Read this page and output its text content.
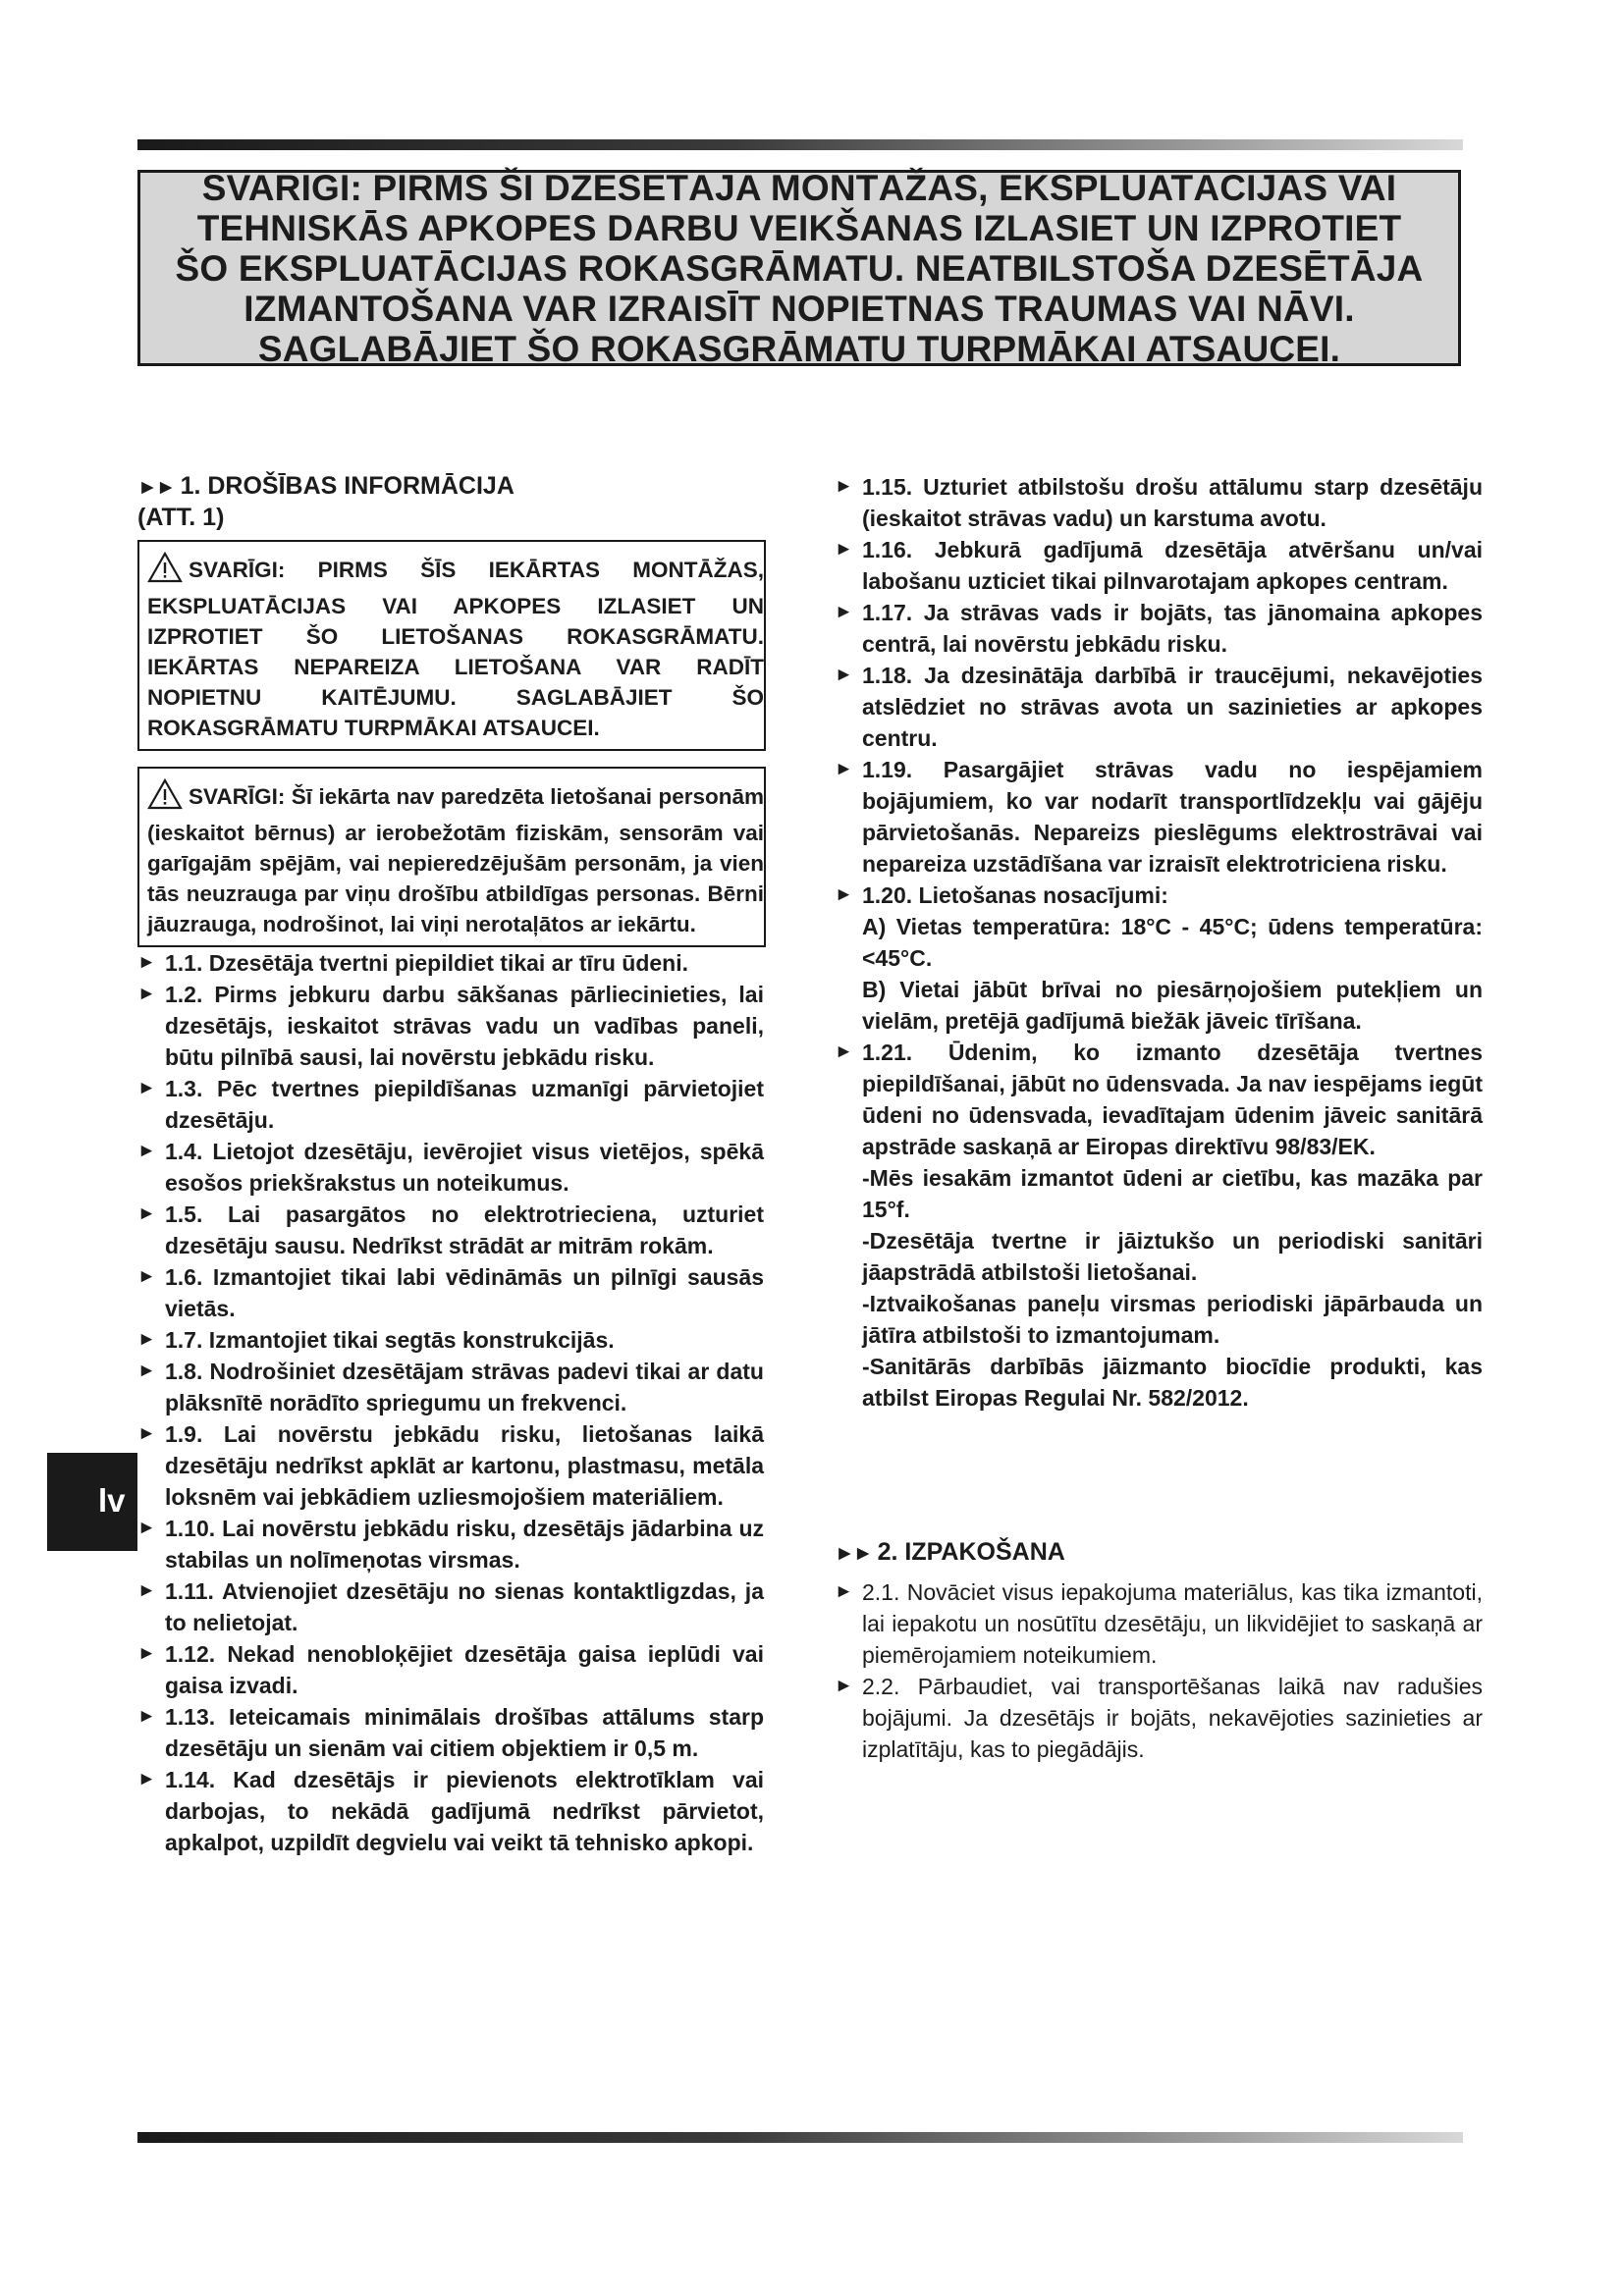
SVARĪGI: PIRMS ŠĪ DZESĒTĀJA MONTĀŽAS, EKSPLUATĀCIJAS VAI TEHNISKĀS APKOPES DARBU VEIKŠANAS IZLASIET UN IZPROTIET ŠO EKSPLUATĀCIJAS ROKASGRĀMATU. NEATBILSTOŠA DZESĒTĀJA IZMANTOŠANA VAR IZRAISĪT NOPIETNAS TRAUMAS VAI NĀVI. SAGLABĀJIET ŠO ROKASGRĀMATU TURPMĀKAI ATSAUCEI.
lv
►► 1. DROŠĪBAS INFORMĀCIJA
(ATT. 1)
SVARĪGI: PIRMS ŠĪS IEKĀRTAS MONTĀŽAS, EKSPLUATĀCIJAS VAI APKOPES IZLASIET UN IZPROTIET ŠO LIETOŠANAS ROKASGRĀMATU. IEKĀRTAS NEPAREIZA LIETOŠANA VAR RADĪT NOPIETNU KAITĒJUMU. SAGLABĀJIET ŠO ROKASGRĀMATU TURPMĀKAI ATSAUCEI.
SVARĪGI: Šī iekārta nav paredzēta lietošanai personām (ieskaitot bērnus) ar ierobežotām fiziskām, sensorām vai garīgajām spējām, vai nepieredzējušām personām, ja vien tās neuzrauga par viņu drošību atbildīgas personas. Bērni jāuzrauga, nodrošinot, lai viņi nerotaļātos ar iekārtu.
► 1.1. Dzesētāja tvertni piepildiet tikai ar tīru ūdeni.
► 1.2. Pirms jebkuru darbu sākšanas pārliecinieties, lai dzesētājs, ieskaitot strāvas vadu un vadības paneli, būtu pilnībā sausi, lai novērstu jebkādu risku.
► 1.3. Pēc tvertnes piepildīšanas uzmanīgi pārvietojiet dzesētāju.
► 1.4. Lietojot dzesētāju, ievērojiet visus vietējos, spēkā esošos priekšrakstus un noteikumus.
► 1.5. Lai pasargātos no elektrotrieciena, uzturiet dzesētāju sausu. Nedrīkst strādāt ar mitrām rokām.
► 1.6. Izmantojiet tikai labi vēdināmās un pilnīgi sausās vietās.
► 1.7. Izmantojiet tikai segtās konstrukcijās.
► 1.8. Nodrošiniet dzesētājam strāvas padevi tikai ar datu plāksnītē norādīto spriegumu un frekvenci.
► 1.9. Lai novērstu jebkādu risku, lietošanas laikā dzesētāju nedrīkst apklāt ar kartonu, plastmasu, metāla loksnēm vai jebkādiem uzliesmojošiem materiāliem.
► 1.10. Lai novērstu jebkādu risku, dzesētājs jādarbina uz stabilas un nolīmeņotas virsmas.
► 1.11. Atvienojiet dzesētāju no sienas kontaktligzdas, ja to nelietojat.
► 1.12. Nekad nenobloķējiet dzesētāja gaisa ieplūdi vai gaisa izvadi.
► 1.13. Ieteicamais minimālais drošības attālums starp dzesētāju un sienām vai citiem objektiem ir 0,5 m.
► 1.14. Kad dzesētājs ir pievienots elektrotīklam vai darbojas, to nekādā gadījumā nedrīkst pārvietot, apkalpot, uzpildīt degvielu vai veikt tā tehnisko apkopi.
► 1.15. Uzturiet atbilstošu drošu attālumu starp dzesētāju (ieskaitot strāvas vadu) un karstuma avotu.
► 1.16. Jebkurā gadījumā dzesētāja atvēršanu un/vai labošanu uzticiet tikai pilnvarotajam apkopes centram.
► 1.17. Ja strāvas vads ir bojāts, tas jānomaina apkopes centrā, lai novērstu jebkādu risku.
► 1.18. Ja dzesinātāja darbībā ir traucējumi, nekavējoties atslēdziet no strāvas avota un sazinieties ar apkopes centru.
► 1.19. Pasargājiet strāvas vadu no iespējamiem bojājumiem, ko var nodarīt transportlīdzekļu vai gājēju pārvietošanās. Nepareizs pieslēgums elektrostrāvai vai nepareiza uzstādīšana var izraisīt elektrotriciena risku.
► 1.20. Lietošanas nosacījumi:
A) Vietas temperatūra: 18°C - 45°C; ūdens temperatūra: <45°C.
B) Vietai jābūt brīvai no piesārņojošiem putekļiem un vielām, pretējā gadījumā biežāk jāveic tīrīšana.
► 1.21. Ūdenim, ko izmanto dzesētāja tvertnes piepildīšanai, jābūt no ūdensvada. Ja nav iespējams iegūt ūdeni no ūdensvada, ievadītajam ūdenim jāveic sanitārā apstrāde saskaņā ar Eiropas direktīvu 98/83/EK.
-Mēs iesakām izmantot ūdeni ar cietību, kas mazāka par 15°f.
-Dzesētāja tvertne ir jāiztukšo un periodiski sanitāri jāapstrādā atbilstoši lietošanai.
-Iztvaikošanas paneļu virsmas periodiski jāpārbauda un jātīra atbilstoši to izmantojumam.
-Sanitārās darbībās jāizmanto biocīdie produkti, kas atbilst Eiropas Regulai Nr. 582/2012.
►► 2. IZPAKOŠANA
► 2.1. Novāciet visus iepakojuma materiālus, kas tika izmantoti, lai iepakotu un nosūtītu dzesētāju, un likvidējiet to saskaņā ar piemērojamiem noteikumiem.
► 2.2. Pārbaudiet, vai transportēšanas laikā nav radušies bojājumi. Ja dzesētājs ir bojāts, nekavējoties sazinieties ar izplatītāju, kas to piegādājis.
